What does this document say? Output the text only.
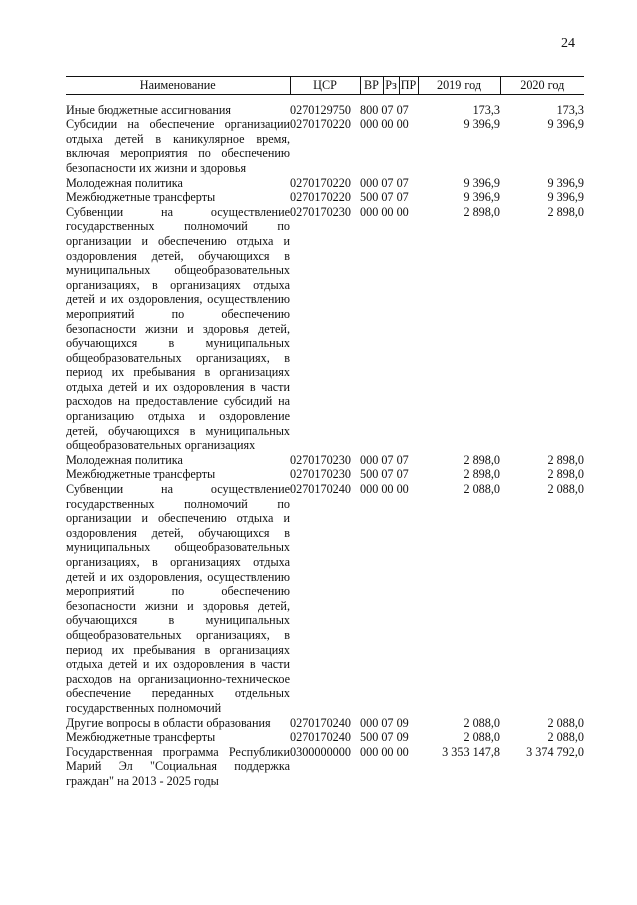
24
Наименование	ЦСР	ВР	Рз	ПР	2019 год	2020 год

Иные бюджетные ассигнования	0270129750	800 07 07			173,3	173,3
Субсидии на обеспечение организации отдыха детей в каникулярное время, включая мероприятия по обеспечению безопасности их жизни и здоровья	0270170220	000 00 00			9 396,9	9 396,9
Молодежная политика	0270170220	000 07 07			9 396,9	9 396,9
Межбюджетные трансферты	0270170220	500 07 07			9 396,9	9 396,9
Субвенции на осуществление государственных полномочий по организации и обеспечению отдыха и оздоровления детей, обучающихся в муниципальных общеобразовательных организациях, в организациях отдыха детей и их оздоровления, осуществлению мероприятий по обеспечению безопасности жизни и здоровья детей, обучающихся в муниципальных общеобразовательных организациях, в период их пребывания в организациях отдыха детей и их оздоровления в части расходов на предоставление субсидий на организацию отдыха и оздоровление детей, обучающихся в муниципальных общеобразовательных организациях	0270170230	000 00 00			2 898,0	2 898,0
Молодежная политика	0270170230	000 07 07			2 898,0	2 898,0
Межбюджетные трансферты	0270170230	500 07 07			2 898,0	2 898,0
Субвенции на осуществление государственных полномочий по организации и обеспечению отдыха и оздоровления детей, обучающихся в муниципальных общеобразовательных организациях, в организациях отдыха детей и их оздоровления, осуществлению мероприятий по обеспечению безопасности жизни и здоровья детей, обучающихся в муниципальных общеобразовательных организациях, в период их пребывания в организациях отдыха детей и их оздоровления в части расходов на организационно-техническое обеспечение переданных отдельных государственных полномочий	0270170240	000 00 00			2 088,0	2 088,0
Другие вопросы в области образования	0270170240	000 07 09			2 088,0	2 088,0
Межбюджетные трансферты	0270170240	500 07 09			2 088,0	2 088,0
Государственная программа Республики Марий Эл "Социальная поддержка граждан" на 2013 - 2025 годы	0300000000	000 00 00			3 353 147,8	3 374 792,0
